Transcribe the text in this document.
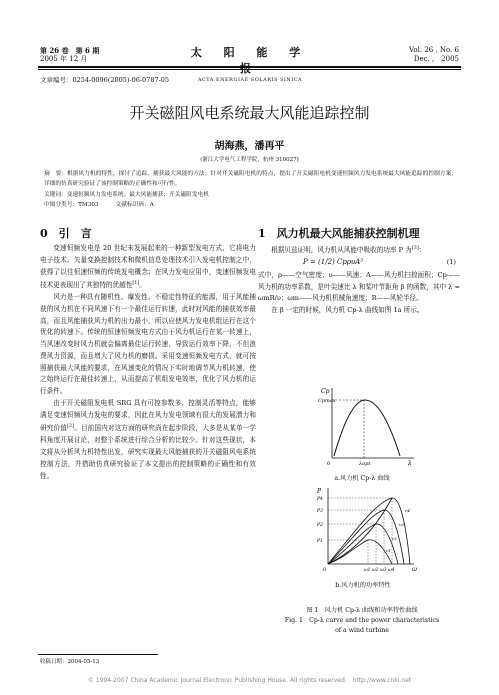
第 26 卷　第 6 期
2005 年 12 月	太 阳 能 学
ACTA ENERGIAE SOLARIS SINICA
Vol. 26 , No. 6
Dec. ,　2005
文章编号：0254-0096(2005)-06-0787-05
开关磁阻风电系统最大风能追踪控制
胡海燕，潘再平
(浙江大学电气工程学院，杭州 310027)
摘　要：根据风力机的特性，探讨了追踪、捕获最大风能的方法；针对开关磁阻电机的特点，提出了开关磁阻电机变速恒频风力发电系统最大风能追踪的控制方案；详细的仿真研究验证了该控制策略的正确性和可行性。
关键词：变速恒频风力发电系统；最大风能捕获；开关磁阻发电机
中图分类号：TM303　　　文献标识码：A
0　引　言

变速恒频发电是 20 世纪末发展起来的一种新型发电方式，它将电力电子技术、矢量变换控制技术和微机信息处理技术引入发电机控制之中，获得了以往恒速恒频的传统发电概念；在风力发电应用中，变速恒频发电技术更表现出了其独特的优越性[1]。

风力是一种具有随机性、爆发性、不稳定性特征的能源，用于风能捕获的风力机在不同风速下有一个最佳运行转速，此时对风能的捕获效率最高，而且风能捕获风力机的出力最小，所以应使风力发电机组运行在这个优化的转速下。传统的恒速恒频发电方式由于风力机运行在某一转速上，当风速改变时风力机就会偏离最佳运行转速，导致运行效率下降，不但浪费风力资源，而且增大了风力机的磨损。采用变速恒频发电方式，就可按照捕获最大风能的要求，在风速变化的情况下实时地调节风力机转速，使之始终运行在最佳转速上，从而提高了机组发电效率，优化了风力机的运行条件。

由于开关磁阻发电机 SRG 具有可控参数多、控制灵活等特点，能够满足变速恒频风力发电的要求，因此在风力发电领域有很大的发展潜力和研究价值[2]。目前国内对这方面的研究尚在起步阶段，大多是从某单一学科角度开展讨论，对整个系统进行综合分析的比较少。针对这些现状，本文将从分析风力机特性出发，研究实现最大风能捕获的开关磁阻风电系统控制方法，并借助仿真研究验证了本文提出的控制策略的正确性和有效性。

1　风力机最大风能捕获控制机理

根据贝兹证明，风力机从风能中吸收的功率 P 为[3]：

P = (1/2) CpρυA³	(1)

式中，ρ——空气密度；υ——风速；A——风力机扫掠面积；Cp——风力机的功率系数，是叶尖速比 λ 和桨叶节距角 β 的函数，其中 λ = ωmR/υ；ωm——风力机机械角速度；R——风轮半径。

在 β 一定的时候，风力机 Cp-λ 曲线如图 1a 所示。

Cp
Cpmax
0	λopt	λ
a.风力机 Cp-λ 曲线
P
P4
P3
P2
P1
0	ω1 ω2 ω3 ω4	ω
υ1
υ2
υ3
υ4
b.风力机的功率特性
图 1　风力机 Cp-λ 曲线和功率特性曲线
Fig. 1　Cp-λ curve and the power characteristics
of a wind turbine
收稿日期：2004-05-13
© 1994-2007 China Academic Journal Electronic Publishing House. All rights reserved.　http://www.cnki.net
